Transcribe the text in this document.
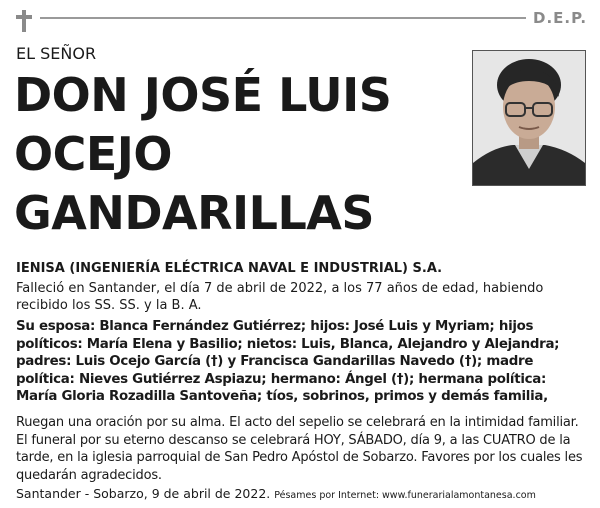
D.E.P.
EL SEÑOR
DON JOSÉ LUIS
OCEJO
GANDARILLAS
IENISA (INGENIERÍA ELÉCTRICA NAVAL E INDUSTRIAL) S.A.
Falleció en Santander, el día 7 de abril de 2022, a los 77 años de edad, habiendo recibido los SS. SS. y la B. A.
Su esposa: Blanca Fernández Gutiérrez; hijos: José Luis y Myriam; hijos políticos: María Elena y Basilio; nietos: Luis, Blanca, Alejandro y Alejandra; padres: Luis Ocejo García (†) y Francisca Gandarillas Navedo (†); madre política: Nieves Gutiérrez Aspiazu; hermano: Ángel (†); hermana política: María Gloria Rozadilla Santoveña; tíos, sobrinos, primos y demás familia,
Ruegan una oración por su alma. El acto del sepelio se celebrará en la intimidad familiar. El funeral por su eterno descanso se celebrará HOY, SÁBADO, día 9, a las CUATRO de la tarde, en la iglesia parroquial de San Pedro Apóstol de Sobarzo. Favores por los cuales les quedarán agradecidos.
Santander - Sobarzo, 9 de abril de 2022. Pésames por Internet: www.funerarialamontanesa.com
